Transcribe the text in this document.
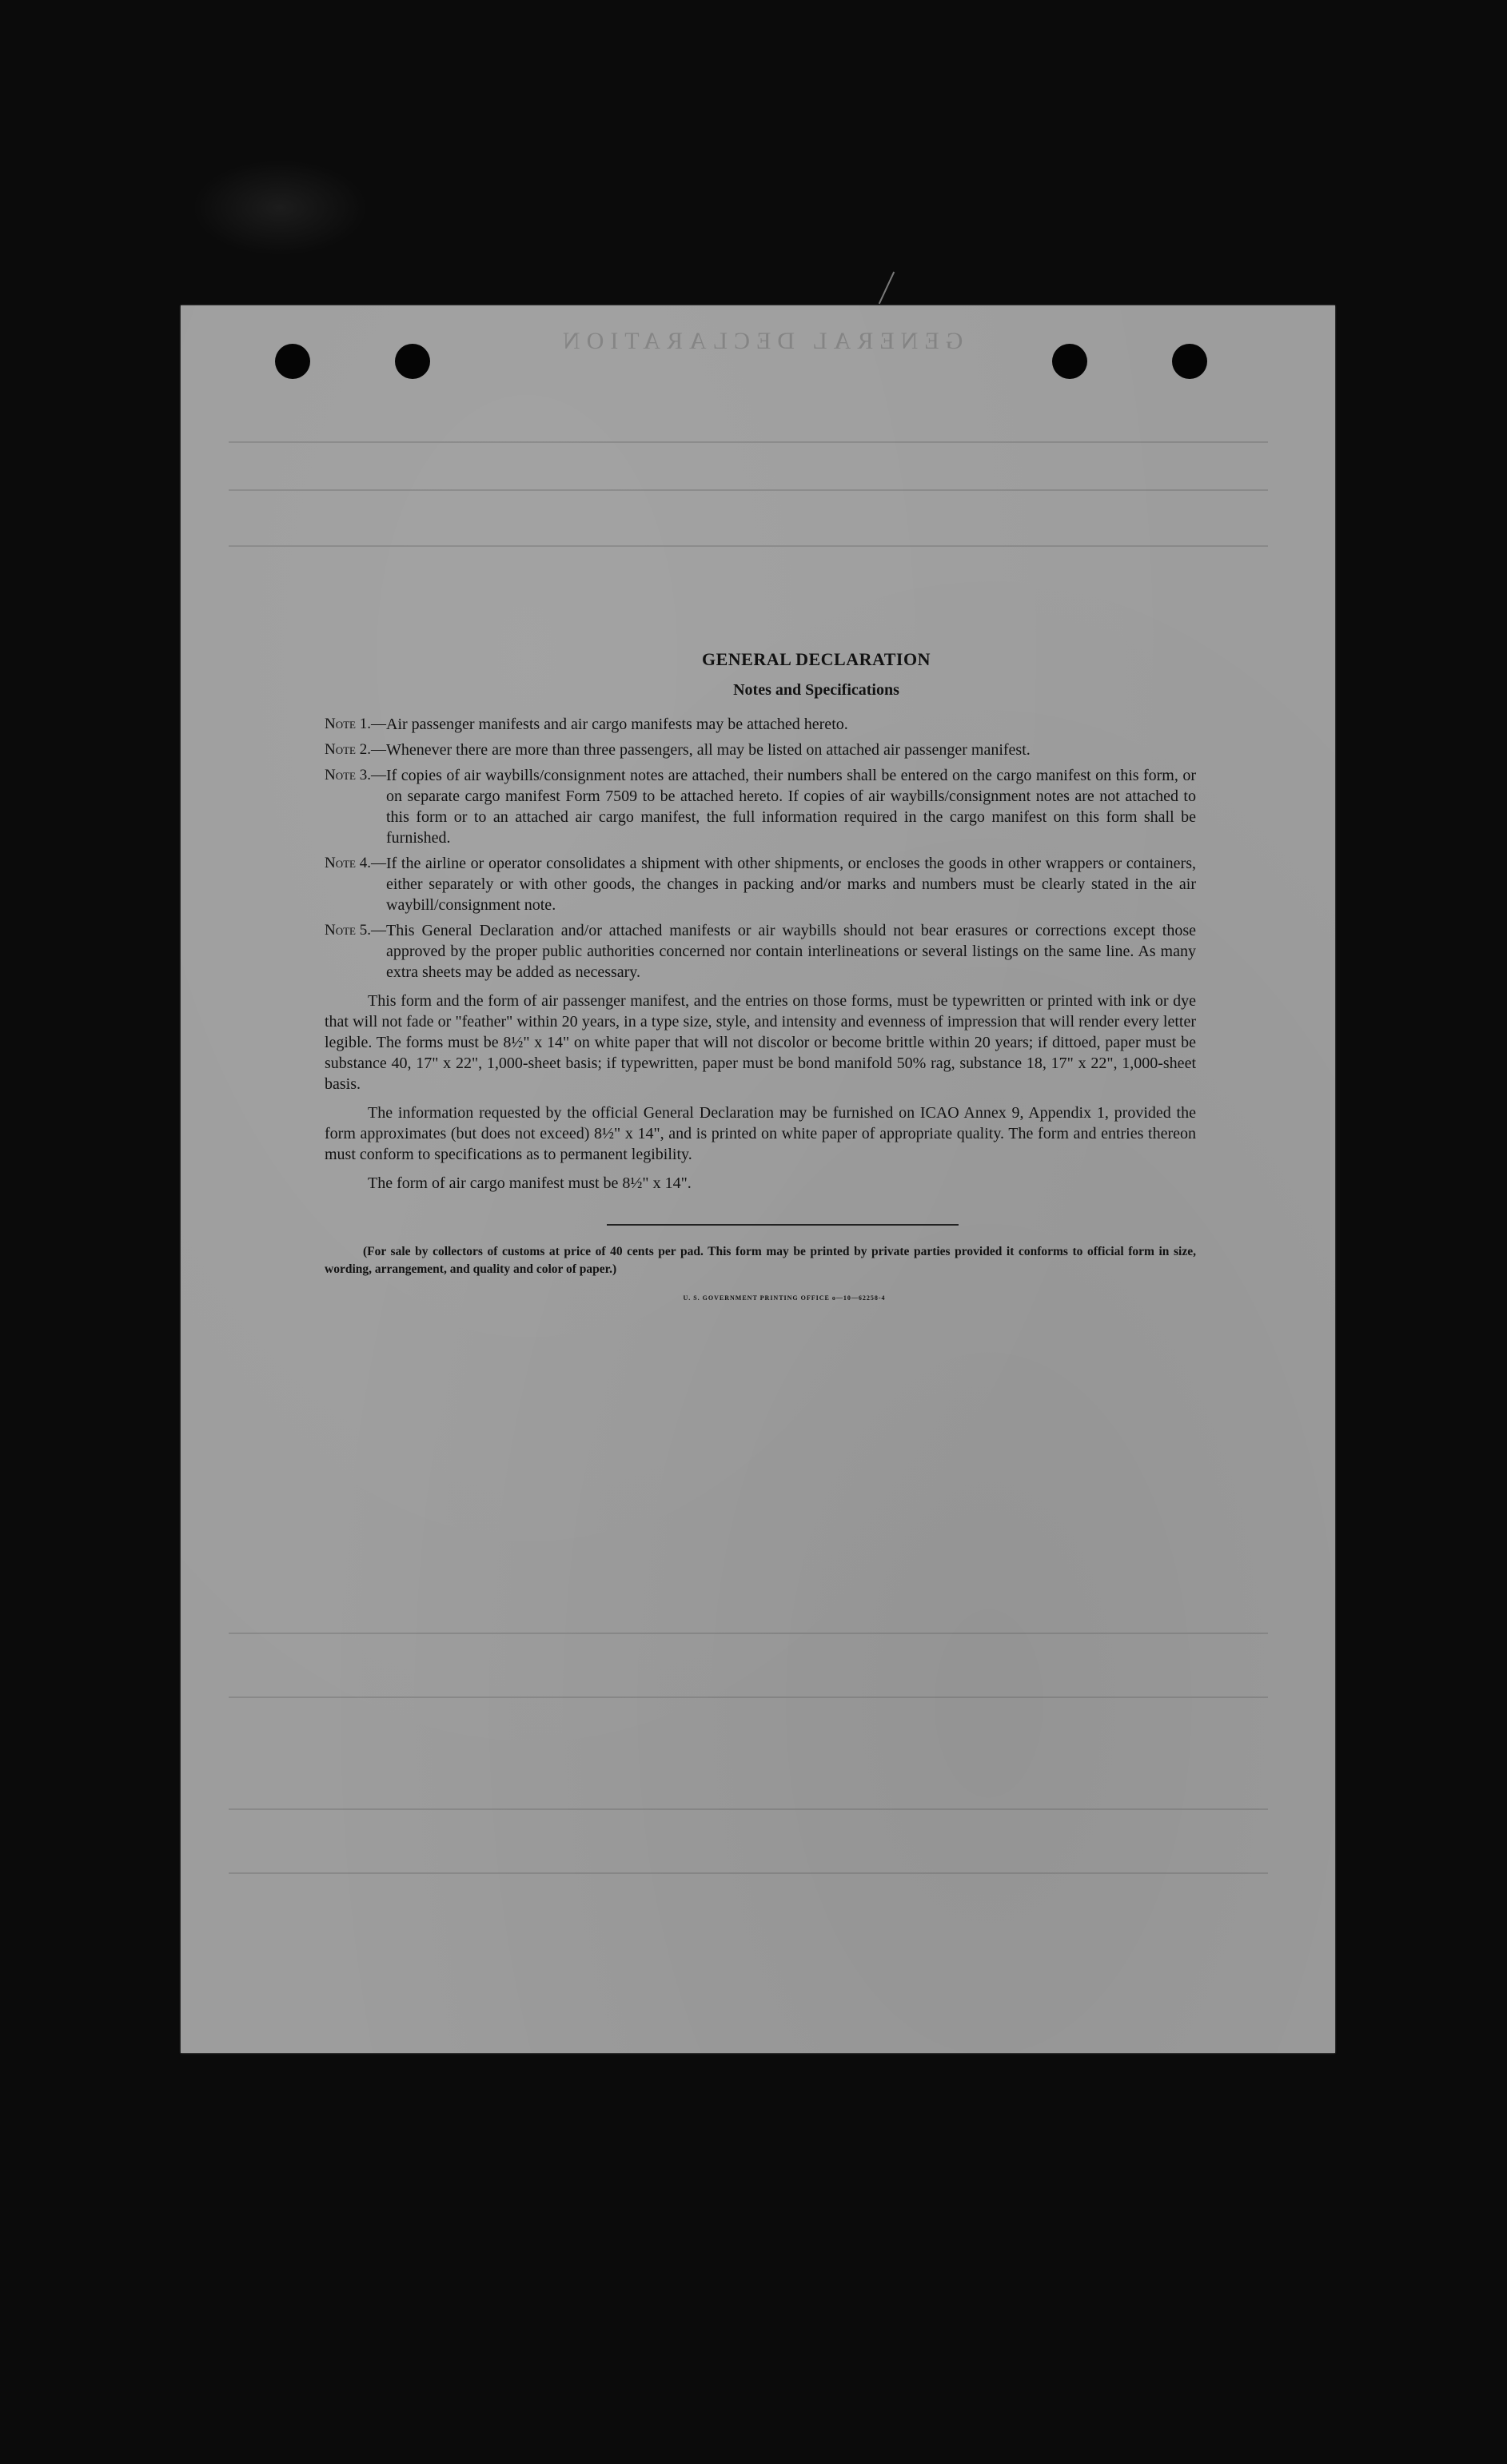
GENERAL DECLARATION
GENERAL DECLARATION
Notes and Specifications
Note 1.— Air passenger manifests and air cargo manifests may be attached hereto.
Note 2.— Whenever there are more than three passengers, all may be listed on attached air passenger manifest.
Note 3.— If copies of air waybills/consignment notes are attached, their numbers shall be entered on the cargo manifest on this form, or on separate cargo manifest Form 7509 to be attached hereto. If copies of air waybills/consignment notes are not attached to this form or to an attached air cargo manifest, the full information required in the cargo manifest on this form shall be furnished.
Note 4.— If the airline or operator consolidates a shipment with other shipments, or encloses the goods in other wrappers or containers, either separately or with other goods, the changes in packing and/or marks and numbers must be clearly stated in the air waybill/consignment note.
Note 5.— This General Declaration and/or attached manifests or air waybills should not bear erasures or corrections except those approved by the proper public authorities concerned nor contain interlineations or several listings on the same line. As many extra sheets may be added as necessary.

This form and the form of air passenger manifest, and the entries on those forms, must be typewritten or printed with ink or dye that will not fade or "feather" within 20 years, in a type size, style, and intensity and evenness of impression that will render every letter legible. The forms must be 8½" x 14" on white paper that will not discolor or become brittle within 20 years; if dittoed, paper must be substance 40, 17" x 22", 1,000-sheet basis; if typewritten, paper must be bond manifold 50% rag, substance 18, 17" x 22", 1,000-sheet basis.

The information requested by the official General Declaration may be furnished on ICAO Annex 9, Appendix 1, provided the form approximates (but does not exceed) 8½" x 14", and is printed on white paper of appropriate quality. The form and entries thereon must conform to specifications as to permanent legibility.

The form of air cargo manifest must be 8½" x 14".

(For sale by collectors of customs at price of 40 cents per pad. This form may be printed by private parties provided it conforms to official form in size, wording, arrangement, and quality and color of paper.)

U. S. GOVERNMENT PRINTING OFFICE o—10—62258-4
